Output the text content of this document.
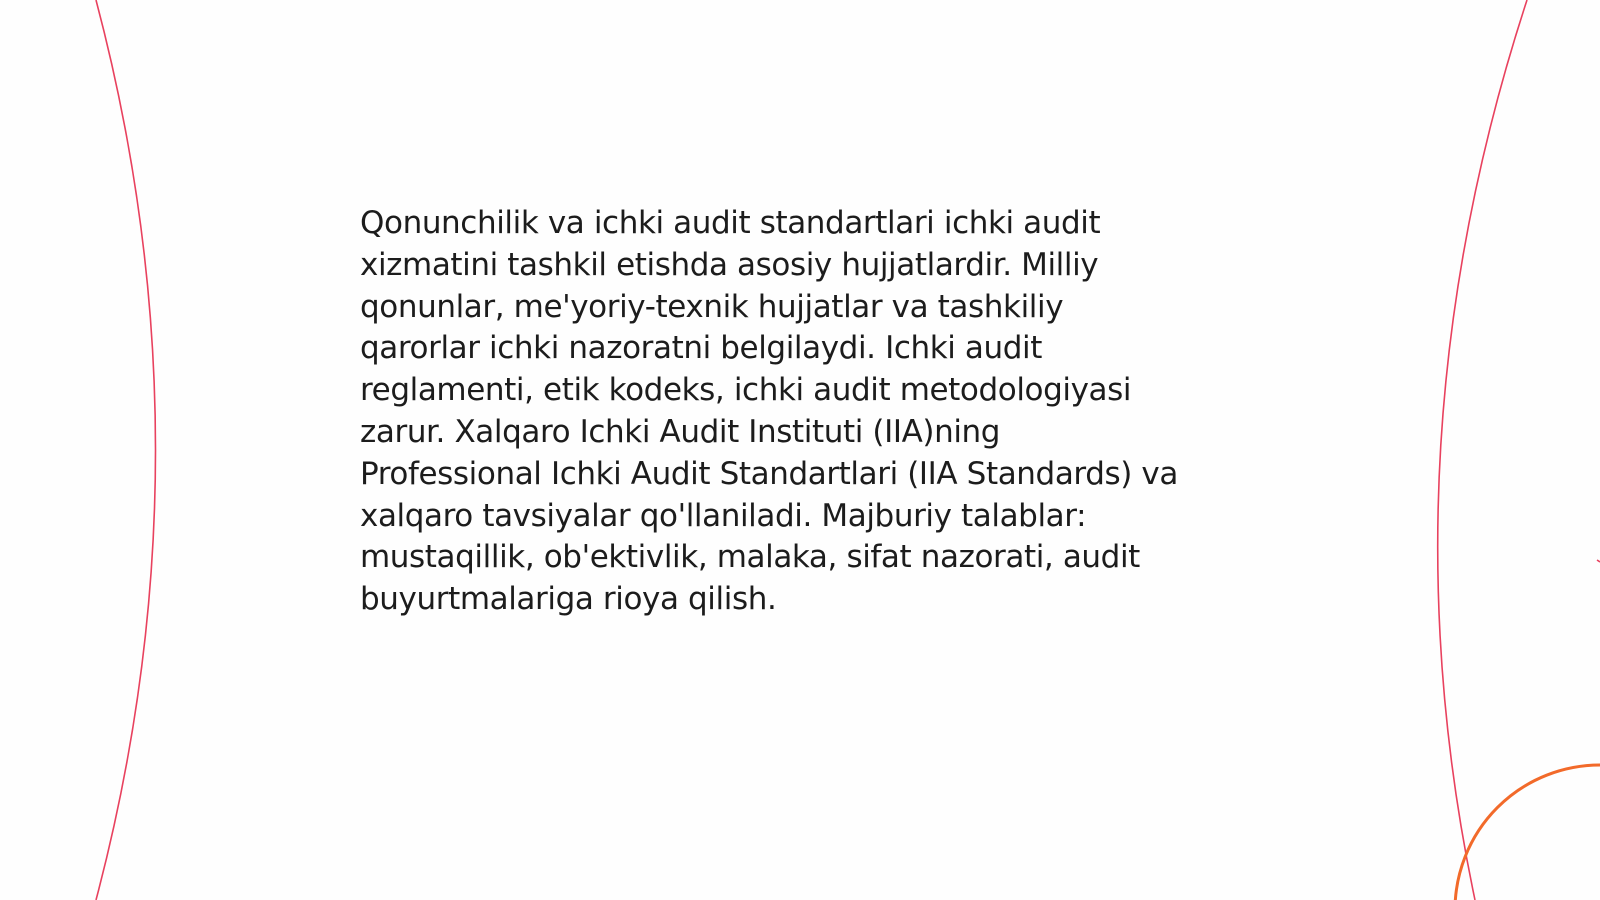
Qonunchilik va ichki audit standartlari ichki audit
xizmatini tashkil etishda asosiy hujjatlardir. Milliy
qonunlar, me'yoriy-texnik hujjatlar va tashkiliy
qarorlar ichki nazoratni belgilaydi. Ichki audit
reglamenti, etik kodeks, ichki audit metodologiyasi
zarur. Xalqaro Ichki Audit Instituti (IIA)ning
Professional Ichki Audit Standartlari (IIA Standards) va
xalqaro tavsiyalar qo'llaniladi. Majburiy talablar:
mustaqillik, ob'ektivlik, malaka, sifat nazorati, audit
buyurtmalariga rioya qilish.
